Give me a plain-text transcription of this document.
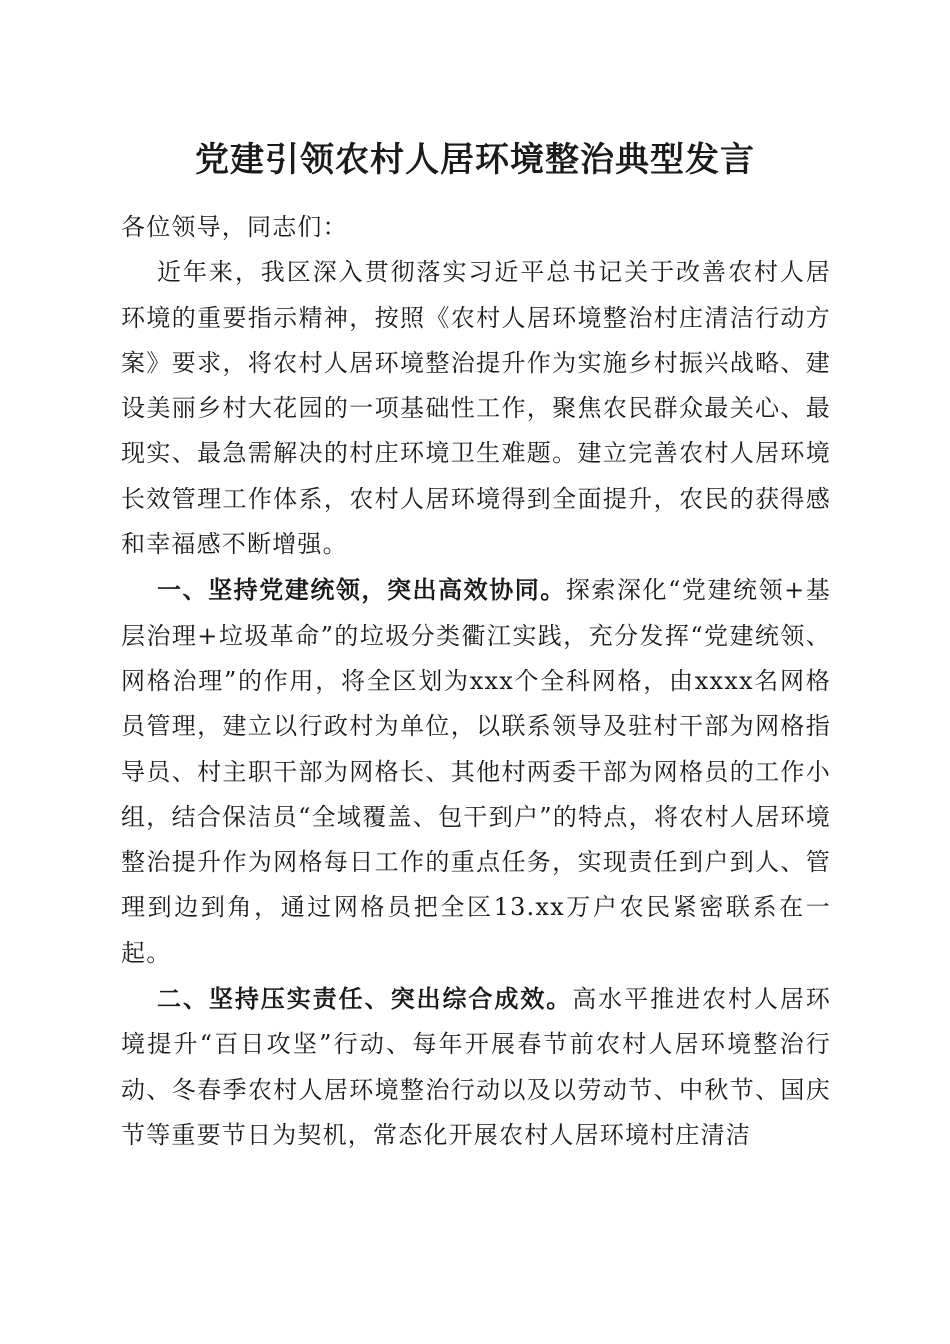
党建引领农村人居环境整治典型发言

各位领导，同志们：

近年来，我区深入贯彻落实习近平总书记关于改善农村人居环境的重要指示精神，按照《农村人居环境整治村庄清洁行动方案》要求，将农村人居环境整治提升作为实施乡村振兴战略、建设美丽乡村大花园的一项基础性工作，聚焦农民群众最关心、最现实、最急需解决的村庄环境卫生难题。建立完善农村人居环境长效管理工作体系，农村人居环境得到全面提升，农民的获得感和幸福感不断增强。

一、坚持党建统领，突出高效协同。探索深化“党建统领+基层治理+垃圾革命”的垃圾分类衢江实践，充分发挥“党建统领、网格治理”的作用，将全区划为xxx个全科网格，由xxxx名网格员管理，建立以行政村为单位，以联系领导及驻村干部为网格指导员、村主职干部为网格长、其他村两委干部为网格员的工作小组，结合保洁员“全域覆盖、包干到户”的特点，将农村人居环境整治提升作为网格每日工作的重点任务，实现责任到户到人、管理到边到角，通过网格员把全区13.xx万户农民紧密联系在一起。

二、坚持压实责任、突出综合成效。高水平推进农村人居环境提升“百日攻坚”行动、每年开展春节前农村人居环境整治行动、冬春季农村人居环境整治行动以及以劳动节、中秋节、国庆节等重要节日为契机，常态化开展农村人居环境村庄清洁
